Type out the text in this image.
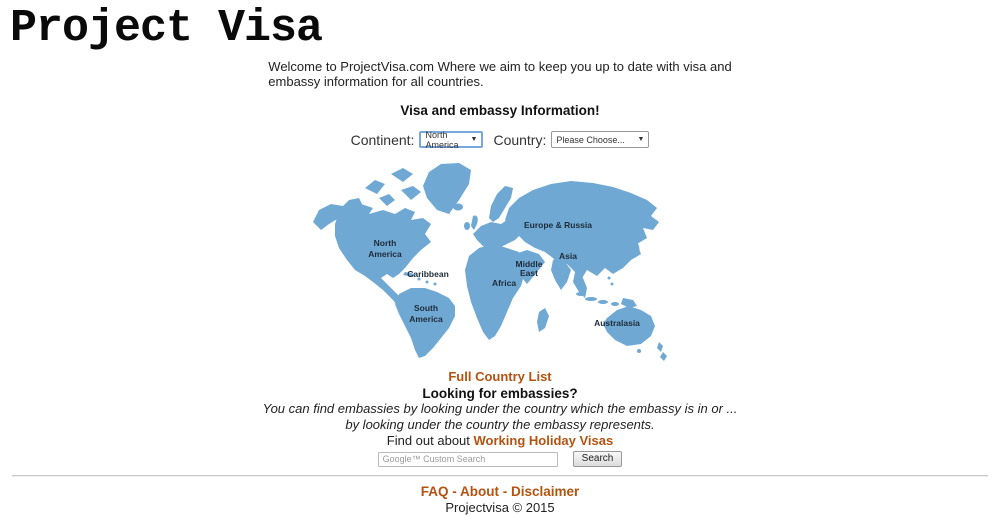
Project Visa
Welcome to ProjectVisa.com Where we aim to keep you up to date with visa and
embassy information for all countries.
Visa and embassy Information!
Continent: North America	▼ Country: Please Choose... ▼
North
America
Caribbean
South
America
Europe & Russia
Asia
Middle
East
Africa
Australasia
Full Country List
Looking for embassies?
You can find embassies by looking under the country which the embassy is in or ...
by looking under the country the embassy represents.
Find out about Working Holiday Visas
Google™ Custom Search
Search
FAQ - About - Disclaimer
Projectvisa © 2015
